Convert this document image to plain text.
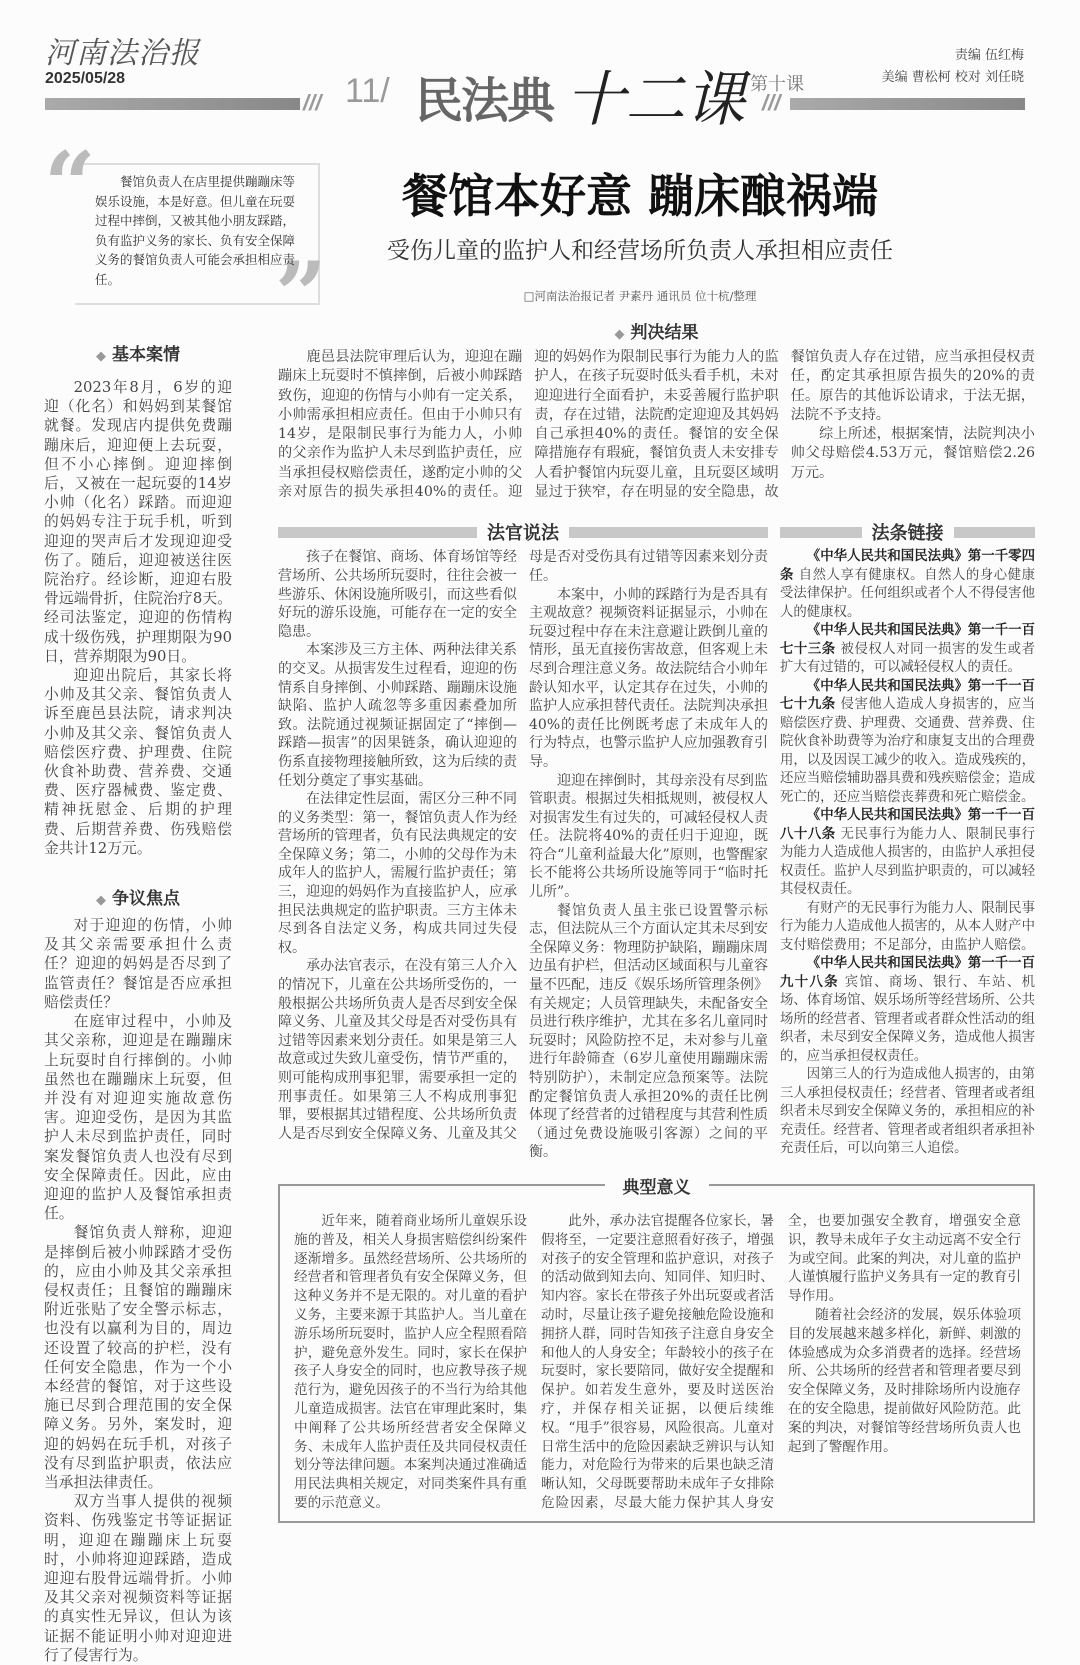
河南法治报
2025/05/28
/// 11/ 民法典 十二课 第十课
///
责编 伍红梅
美编 曹松柯 校对 刘任晓
“
”
餐馆负责人在店里提供蹦蹦床等娱乐设施，本是好意。但儿童在玩耍过程中摔倒，又被其他小朋友踩踏，负有监护义务的家长、负有安全保障义务的餐馆负责人可能会承担相应责任。
餐馆本好意 蹦床酿祸端
受伤儿童的监护人和经营场所负责人承担相应责任
□河南法治报记者 尹素丹 通讯员 位十杭/整理
◆ 基本案情

2023年8月，6岁的迎迎（化名）和妈妈到某餐馆就餐。发现店内提供免费蹦蹦床后，迎迎便上去玩耍，但不小心摔倒。迎迎摔倒后，又被在一起玩耍的14岁小帅（化名）踩踏。而迎迎的妈妈专注于玩手机，听到迎迎的哭声后才发现迎迎受伤了。随后，迎迎被送往医院治疗。经诊断，迎迎右股骨远端骨折，住院治疗8天。经司法鉴定，迎迎的伤情构成十级伤残，护理期限为90日，营养期限为90日。

迎迎出院后，其家长将小帅及其父亲、餐馆负责人诉至鹿邑县法院，请求判决小帅及其父亲、餐馆负责人赔偿医疗费、护理费、住院伙食补助费、营养费、交通费、医疗器械费、鉴定费、精神抚慰金、后期的护理费、后期营养费、伤残赔偿金共计12万元。

◆ 争议焦点

对于迎迎的伤情，小帅及其父亲需要承担什么责任？迎迎的妈妈是否尽到了监管责任？餐馆是否应承担赔偿责任？

在庭审过程中，小帅及其父亲称，迎迎是在蹦蹦床上玩耍时自行摔倒的。小帅虽然也在蹦蹦床上玩耍，但并没有对迎迎实施故意伤害。迎迎受伤，是因为其监护人未尽到监护责任，同时案发餐馆负责人也没有尽到安全保障责任。因此，应由迎迎的监护人及餐馆承担责任。

餐馆负责人辩称，迎迎是摔倒后被小帅踩踏才受伤的，应由小帅及其父亲承担侵权责任；且餐馆的蹦蹦床附近张贴了安全警示标志，也没有以赢利为目的，周边还设置了较高的护栏，没有任何安全隐患，作为一个小本经营的餐馆，对于这些设施已尽到合理范围的安全保障义务。另外，案发时，迎迎的妈妈在玩手机，对孩子没有尽到监护职责，依法应当承担法律责任。

双方当事人提供的视频资料、伤残鉴定书等证据证明，迎迎在蹦蹦床上玩耍时，小帅将迎迎踩踏，造成迎迎右股骨远端骨折。小帅及其父亲对视频资料等证据的真实性无异议，但认为该证据不能证明小帅对迎迎进行了侵害行为。

◆ 判决结果

鹿邑县法院审理后认为，迎迎在蹦蹦床上玩耍时不慎摔倒，后被小帅踩踏致伤，迎迎的伤情与小帅有一定关系，小帅需承担相应责任。但由于小帅只有14岁，是限制民事行为能力人，小帅的父亲作为监护人未尽到监护责任，应当承担侵权赔偿责任，遂酌定小帅的父亲对原告的损失承担40%的责任。迎迎的妈妈作为限制民事行为能力人的监护人，在孩子玩耍时低头看手机，未对迎迎进行全面看护，未妥善履行监护职责，存在过错，法院酌定迎迎及其妈妈自己承担40%的责任。餐馆的安全保障措施存有瑕疵，餐馆负责人未安排专人看护餐馆内玩耍儿童，且玩耍区域明显过于狭窄，存在明显的安全隐患，故餐馆负责人存在过错，应当承担侵权责任，酌定其承担原告损失的20%的责任。原告的其他诉讼请求，于法无据，法院不予支持。

综上所述，根据案情，法院判决小帅父母赔偿4.53万元，餐馆赔偿2.26万元。

法官说法

孩子在餐馆、商场、体育场馆等经营场所、公共场所玩耍时，往往会被一些游乐、休闲设施所吸引，而这些看似好玩的游乐设施，可能存在一定的安全隐患。

本案涉及三方主体、两种法律关系的交叉。从损害发生过程看，迎迎的伤情系自身摔倒、小帅踩踏、蹦蹦床设施缺陷、监护人疏忽等多重因素叠加所致。法院通过视频证据固定了“摔倒—踩踏—损害”的因果链条，确认迎迎的伤系直接物理接触所致，这为后续的责任划分奠定了事实基础。

在法律定性层面，需区分三种不同的义务类型：第一，餐馆负责人作为经营场所的管理者，负有民法典规定的安全保障义务；第二，小帅的父母作为未成年人的监护人，需履行监护责任；第三，迎迎的妈妈作为直接监护人，应承担民法典规定的监护职责。三方主体未尽到各自法定义务，构成共同过失侵权。

承办法官表示，在没有第三人介入的情况下，儿童在公共场所受伤的，一般根据公共场所负责人是否尽到安全保障义务、儿童及其父母是否对受伤具有过错等因素来划分责任。如果是第三人故意或过失致儿童受伤，情节严重的，则可能构成刑事犯罪，需要承担一定的刑事责任。如果第三人不构成刑事犯罪，要根据其过错程度、公共场所负责人是否尽到安全保障义务、儿童及其父母是否对受伤具有过错等因素来划分责任。

本案中，小帅的踩踏行为是否具有主观故意？视频资料证据显示，小帅在玩耍过程中存在未注意避让跌倒儿童的情形，虽无直接伤害故意，但客观上未尽到合理注意义务。故法院结合小帅年龄认知水平，认定其存在过失，小帅的监护人应承担替代责任。法院判决承担40%的责任比例既考虑了未成年人的行为特点，也警示监护人应加强教育引导。

迎迎在摔倒时，其母亲没有尽到监管职责。根据过失相抵规则，被侵权人对损害发生有过失的，可减轻侵权人责任。法院将40%的责任归于迎迎，既符合“儿童利益最大化”原则，也警醒家长不能将公共场所设施等同于“临时托儿所”。

餐馆负责人虽主张已设置警示标志，但法院从三个方面认定其未尽到安全保障义务：物理防护缺陷，蹦蹦床周边虽有护栏，但活动区域面积与儿童容量不匹配，违反《娱乐场所管理条例》有关规定；人员管理缺失，未配备安全员进行秩序维护，尤其在多名儿童同时玩耍时；风险防控不足，未对参与儿童进行年龄筛查（6岁儿童使用蹦蹦床需特别防护），未制定应急预案等。法院酌定餐馆负责人承担20%的责任比例体现了经营者的过错程度与其营利性质（通过免费设施吸引客源）之间的平衡。

法条链接

《中华人民共和国民法典》第一千零四条 自然人享有健康权。自然人的身心健康受法律保护。任何组织或者个人不得侵害他人的健康权。

《中华人民共和国民法典》第一千一百七十三条 被侵权人对同一损害的发生或者扩大有过错的，可以减轻侵权人的责任。

《中华人民共和国民法典》第一千一百七十九条 侵害他人造成人身损害的，应当赔偿医疗费、护理费、交通费、营养费、住院伙食补助费等为治疗和康复支出的合理费用，以及因误工减少的收入。造成残疾的，还应当赔偿辅助器具费和残疾赔偿金；造成死亡的，还应当赔偿丧葬费和死亡赔偿金。

《中华人民共和国民法典》第一千一百八十八条 无民事行为能力人、限制民事行为能力人造成他人损害的，由监护人承担侵权责任。监护人尽到监护职责的，可以减轻其侵权责任。

有财产的无民事行为能力人、限制民事行为能力人造成他人损害的，从本人财产中支付赔偿费用；不足部分，由监护人赔偿。

《中华人民共和国民法典》第一千一百九十八条 宾馆、商场、银行、车站、机场、体育场馆、娱乐场所等经营场所、公共场所的经营者、管理者或者群众性活动的组织者，未尽到安全保障义务，造成他人损害的，应当承担侵权责任。

因第三人的行为造成他人损害的，由第三人承担侵权责任；经营者、管理者或者组织者未尽到安全保障义务的，承担相应的补充责任。经营者、管理者或者组织者承担补充责任后，可以向第三人追偿。

典型意义

近年来，随着商业场所儿童娱乐设施的普及，相关人身损害赔偿纠纷案件逐渐增多。虽然经营场所、公共场所的经营者和管理者负有安全保障义务，但这种义务并不是无限的。对儿童的看护义务，主要来源于其监护人。当儿童在游乐场所玩耍时，监护人应全程照看陪护，避免意外发生。同时，家长在保护孩子人身安全的同时，也应教导孩子规范行为，避免因孩子的不当行为给其他儿童造成损害。法官在审理此案时，集中阐释了公共场所经营者安全保障义务、未成年人监护责任及共同侵权责任划分等法律问题。本案判决通过准确适用民法典相关规定，对同类案件具有重要的示范意义。

此外，承办法官提醒各位家长，暑假将至，一定要注意照看好孩子，增强对孩子的安全管理和监护意识，对孩子的活动做到知去向、知同伴、知归时、知内容。家长在带孩子外出玩耍或者活动时，尽量让孩子避免接触危险设施和拥挤人群，同时告知孩子注意自身安全和他人的人身安全；年龄较小的孩子在玩耍时，家长要陪同，做好安全提醒和保护。如若发生意外，要及时送医治疗，并保存相关证据，以便后续维权。“甩手”很容易，风险很高。儿童对日常生活中的危险因素缺乏辨识与认知能力，对危险行为带来的后果也缺乏清晰认知，父母既要帮助未成年子女排除危险因素，尽最大能力保护其人身安全，也要加强安全教育，增强安全意识，教导未成年子女主动远离不安全行为或空间。此案的判决，对儿童的监护人谨慎履行监护义务具有一定的教育引导作用。

随着社会经济的发展，娱乐体验项目的发展越来越多样化，新鲜、刺激的体验感成为众多消费者的选择。经营场所、公共场所的经营者和管理者要尽到安全保障义务，及时排除场所内设施存在的安全隐患，提前做好风险防范。此案的判决，对餐馆等经营场所负责人也起到了警醒作用。
